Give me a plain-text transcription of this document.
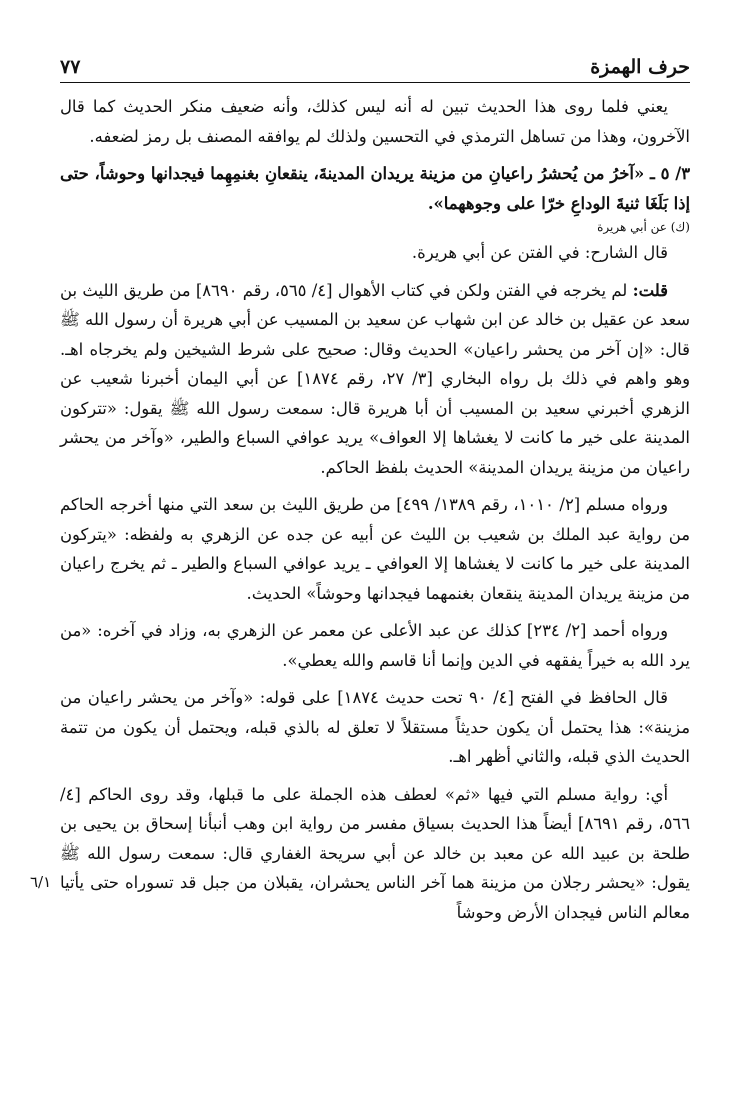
حرف الهمزة
٧٧
٦/١

يعني فلما روى هذا الحديث تبين له أنه ليس كذلك، وأنه ضعيف منكر الحديث كما قال الآخرون، وهذا من تساهل الترمذي في التحسين ولذلك لم يوافقه المصنف بل رمز لضعفه.

٣/ ٥ ـ «آخرُ من يُحشرُ راعيانِ من مزينة يريدان المدينةَ، ينقعانِ بغنمِهِما فيجدانها وحوشاً، حتى إذا بَلَغَا ثنيةَ الوداعِ خرّا على وجوههما».

(ك) عن أبي هريرة

قال الشارح: في الفتن عن أبي هريرة.

قلت: لم يخرجه في الفتن ولكن في كتاب الأهوال [٤/ ٥٦٥، رقم ٨٦٩٠] من طريق الليث بن سعد عن عقيل بن خالد عن ابن شهاب عن سعيد بن المسيب عن أبي هريرة أن رسول الله ﷺ قال: «إن آخر من يحشر راعيان» الحديث وقال: صحيح على شرط الشيخين ولم يخرجاه اهـ. وهو واهم في ذلك بل رواه البخاري [٣/ ٢٧، رقم ١٨٧٤] عن أبي اليمان أخبرنا شعيب عن الزهري أخبرني سعيد بن المسيب أن أبا هريرة قال: سمعت رسول الله ﷺ يقول: «تتركون المدينة على خير ما كانت لا يغشاها إلا العواف» يريد عوافي السباع والطير، «وآخر من يحشر راعيان من مزينة يريدان المدينة» الحديث بلفظ الحاكم.

ورواه مسلم [٢/ ١٠١٠، رقم ١٣٨٩/ ٤٩٩] من طريق الليث بن سعد التي منها أخرجه الحاكم من رواية عبد الملك بن شعيب بن الليث عن أبيه عن جده عن الزهري به ولفظه: «يتركون المدينة على خير ما كانت لا يغشاها إلا العوافي ـ يريد عوافي السباع والطير ـ ثم يخرج راعيان من مزينة يريدان المدينة ينقعان بغنمهما فيجدانها وحوشاً» الحديث.

ورواه أحمد [٢/ ٢٣٤] كذلك عن عبد الأعلى عن معمر عن الزهري به، وزاد في آخره: «من يرد الله به خيراً يفقهه في الدين وإنما أنا قاسم والله يعطي».

قال الحافظ في الفتح [٤/ ٩٠ تحت حديث ١٨٧٤] على قوله: «وآخر من يحشر راعيان من مزينة»: هذا يحتمل أن يكون حديثاً مستقلاً لا تعلق له بالذي قبله، ويحتمل أن يكون من تتمة الحديث الذي قبله، والثاني أظهر اهـ.

أي: رواية مسلم التي فيها «ثم» لعطف هذه الجملة على ما قبلها، وقد روى الحاكم [٤/ ٥٦٦، رقم ٨٦٩١] أيضاً هذا الحديث بسياق مفسر من رواية ابن وهب أنبأنا إسحاق بن يحيى بن طلحة بن عبيد الله عن معبد بن خالد عن أبي سريحة الغفاري قال: سمعت رسول الله ﷺ يقول: «يحشر رجلان من مزينة هما آخر الناس يحشران، يقبلان من جبل قد تسوراه حتى يأتيا معالم الناس فيجدان الأرض وحوشاً
